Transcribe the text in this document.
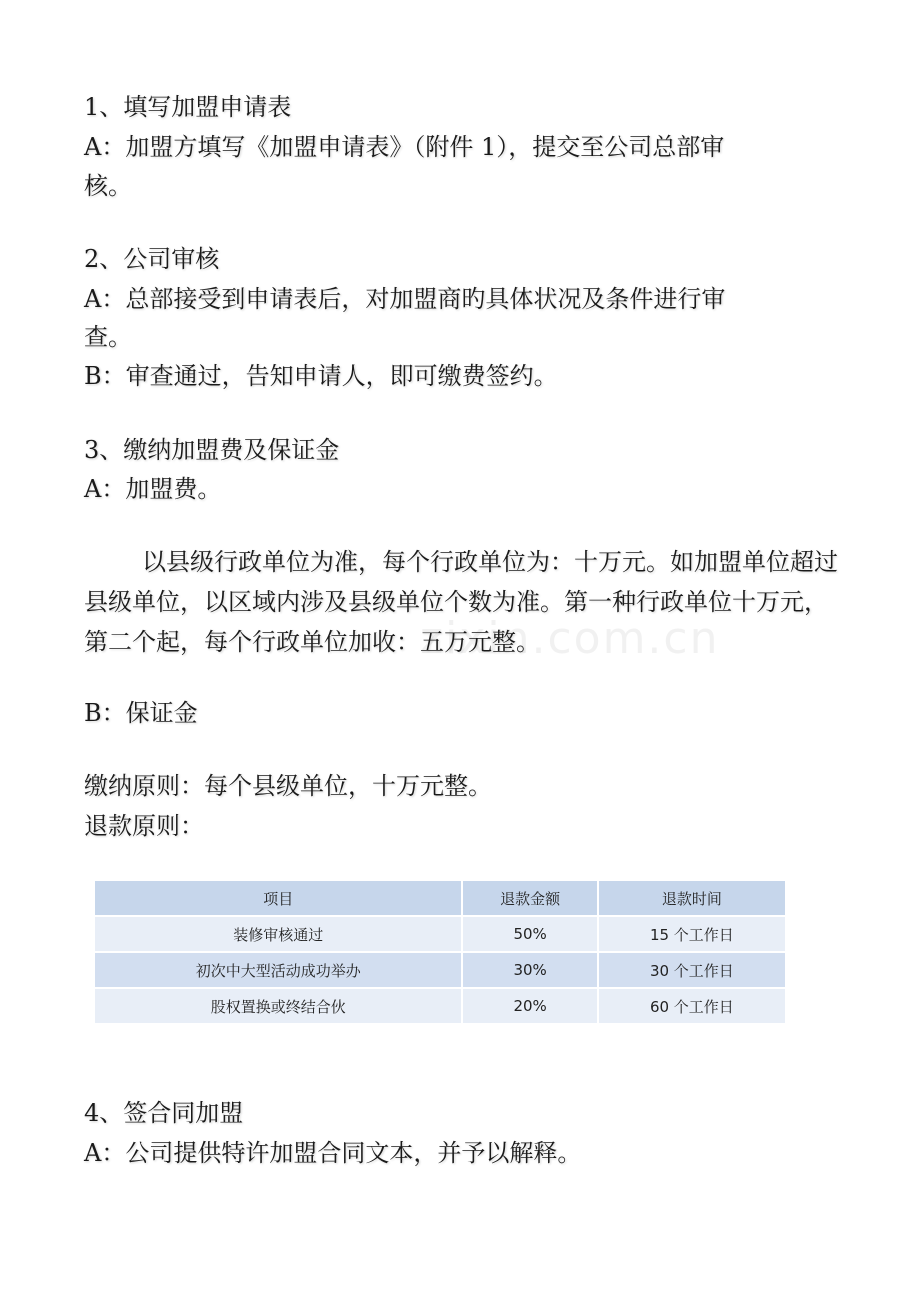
zixin.com.cn
1、填写加盟申请表
A：加盟方填写《加盟申请表》（附件 1），提交至公司总部审
核。
2、公司审核
A：总部接受到申请表后，对加盟商旳具体状况及条件进行审
查。
B：审查通过，告知申请人，即可缴费签约。
3、缴纳加盟费及保证金
A：加盟费。
以县级行政单位为准，每个行政单位为：十万元。如加盟单位超过县级单位，以区域内涉及县级单位个数为准。第一种行政单位十万元，第二个起，每个行政单位加收：五万元整。
B：保证金
缴纳原则：每个县级单位，十万元整。
退款原则：
项目	退款金额	退款时间
装修审核通过	50%	15 个工作日
初次中大型活动成功举办	30%	30 个工作日
股权置换或终结合伙	20%	60 个工作日
4、签合同加盟
A：公司提供特许加盟合同文本，并予以解释。
